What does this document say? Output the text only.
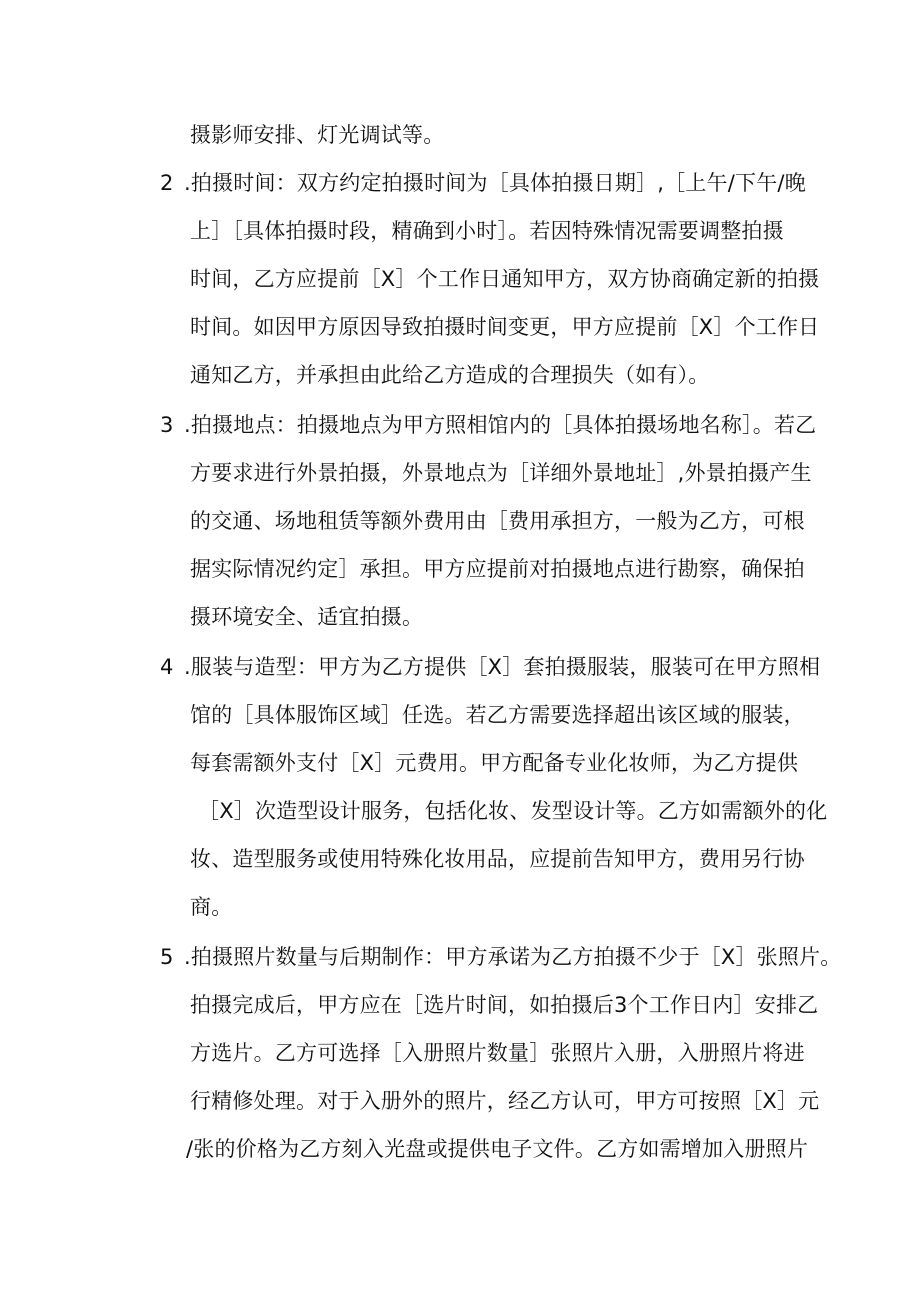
摄影师安排、灯光调试等。
2 .拍摄时间：双方约定拍摄时间为［具体拍摄日期］,［上午/下午/晚
上］［具体拍摄时段，精确到小时］。若因特殊情况需要调整拍摄
时间，乙方应提前［X］个工作日通知甲方，双方协商确定新的拍摄
时间。如因甲方原因导致拍摄时间变更，甲方应提前［X］个工作日
通知乙方，并承担由此给乙方造成的合理损失（如有）。
3 .拍摄地点：拍摄地点为甲方照相馆内的［具体拍摄场地名称］。若乙
方要求进行外景拍摄，外景地点为［详细外景地址］,外景拍摄产生
的交通、场地租赁等额外费用由［费用承担方，一般为乙方，可根
据实际情况约定］承担。甲方应提前对拍摄地点进行勘察，确保拍
摄环境安全、适宜拍摄。
4 .服装与造型：甲方为乙方提供［X］套拍摄服装，服装可在甲方照相
馆的［具体服饰区域］任选。若乙方需要选择超出该区域的服装，
每套需额外支付［X］元费用。甲方配备专业化妆师，为乙方提供
［X］次造型设计服务，包括化妆、发型设计等。乙方如需额外的化
妆、造型服务或使用特殊化妆用品，应提前告知甲方，费用另行协
商。
5 .拍摄照片数量与后期制作：甲方承诺为乙方拍摄不少于［X］张照片。
拍摄完成后，甲方应在［选片时间，如拍摄后3个工作日内］安排乙
方选片。乙方可选择［入册照片数量］张照片入册，入册照片将进
行精修处理。对于入册外的照片，经乙方认可，甲方可按照［X］元
/张的价格为乙方刻入光盘或提供电子文件。乙方如需增加入册照片
